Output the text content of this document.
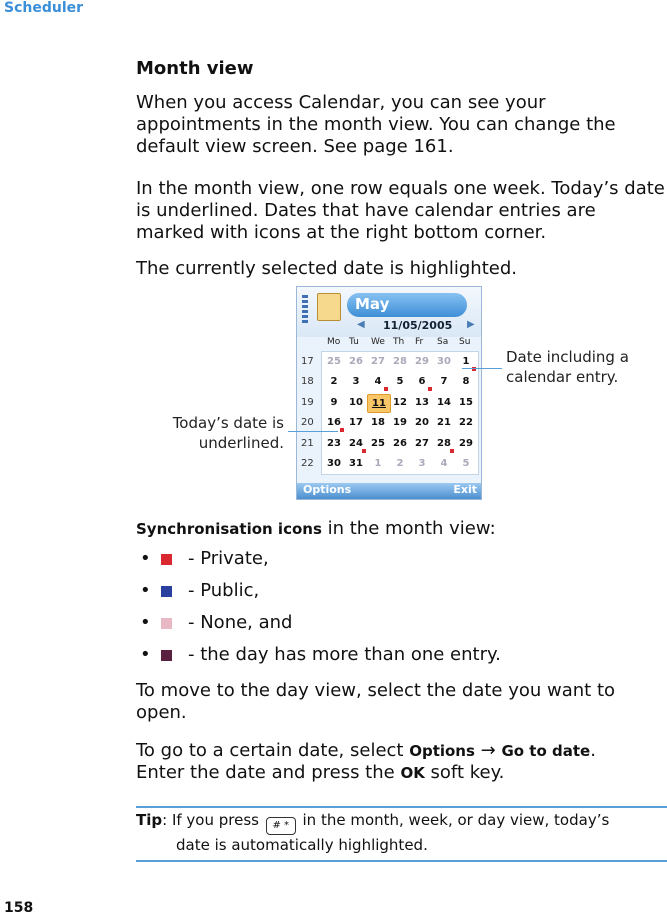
Scheduler
Month view
When you access Calendar, you can see your appointments in the month view. You can change the default view screen. See page 161.
In the month view, one row equals one week. Today’s date is underlined. Dates that have calendar entries are marked with icons at the right bottom corner.
The currently selected date is highlighted.
May
◀ 11/05/2005 ▶
Mo Tu We Th Fr Sa Su
17	25 26 27 28 29 30	1
18	2	3	4	5	6	7	8
19	9	10 11 12 13 14 15
20	16 17 18 19 20 21 22
21	23 24 25 26 27 28 29
22	30 31	1	2	3	4	5
Options	Exit
Date including a
calendar entry.
Today’s date is
underlined.
Synchronisation icons in the month view:
• - Private,
• - Public,
• - None, and
• - the day has more than one entry.
To move to the day view, select the date you want to open.
To go to a certain date, select Options → Go to date.
Enter the date and press the OK soft key.
Tip: If you press # * in the month, week, or day view, today’s
date is automatically highlighted.
158
